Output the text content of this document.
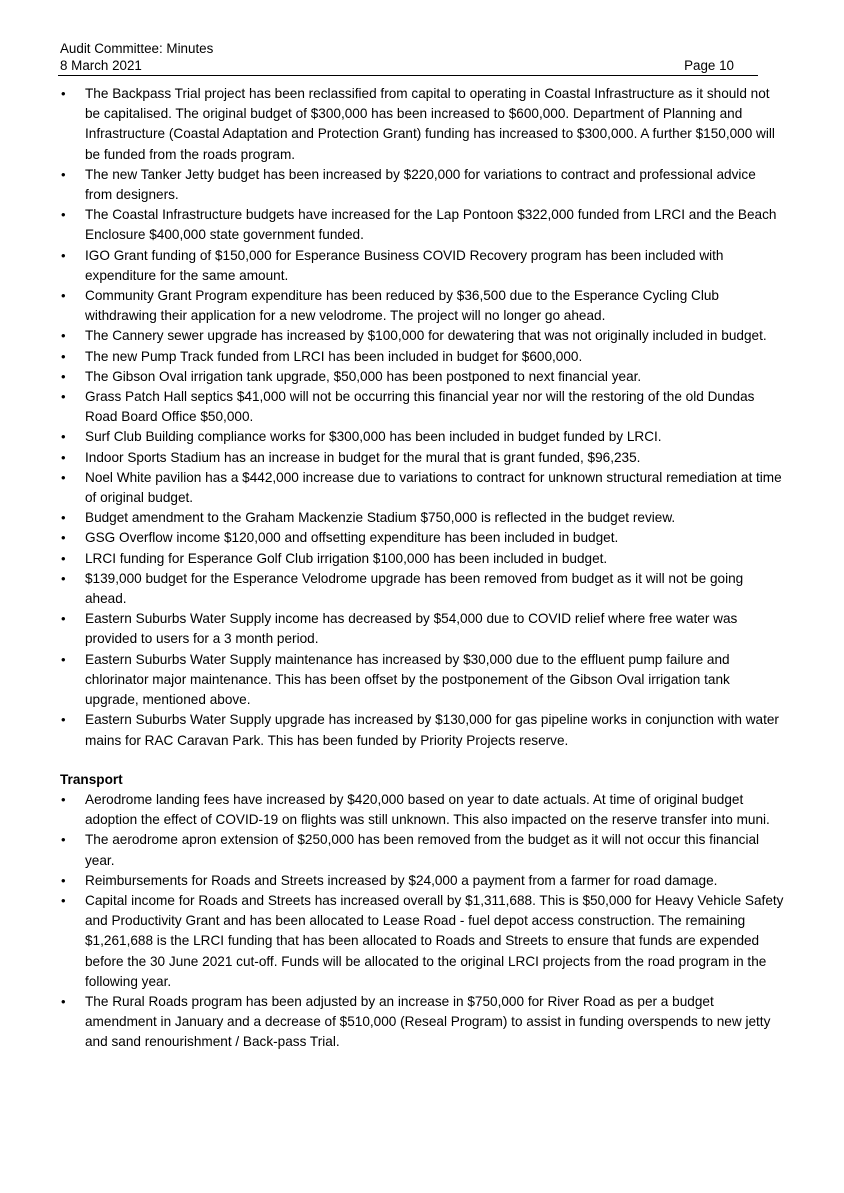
Audit Committee: Minutes
8 March 2021	Page 10
• The Backpass Trial project has been reclassified from capital to operating in Coastal Infrastructure as it should not be capitalised. The original budget of $300,000 has been increased to $600,000. Department of Planning and Infrastructure (Coastal Adaptation and Protection Grant) funding has increased to $300,000. A further $150,000 will be funded from the roads program.
• The new Tanker Jetty budget has been increased by $220,000 for variations to contract and professional advice from designers.
• The Coastal Infrastructure budgets have increased for the Lap Pontoon $322,000 funded from LRCI and the Beach Enclosure $400,000 state government funded.
• IGO Grant funding of $150,000 for Esperance Business COVID Recovery program has been included with expenditure for the same amount.
• Community Grant Program expenditure has been reduced by $36,500 due to the Esperance Cycling Club withdrawing their application for a new velodrome. The project will no longer go ahead.
• The Cannery sewer upgrade has increased by $100,000 for dewatering that was not originally included in budget.
• The new Pump Track funded from LRCI has been included in budget for $600,000.
• The Gibson Oval irrigation tank upgrade, $50,000 has been postponed to next financial year.
• Grass Patch Hall septics $41,000 will not be occurring this financial year nor will the restoring of the old Dundas Road Board Office $50,000.
• Surf Club Building compliance works for $300,000 has been included in budget funded by LRCI.
• Indoor Sports Stadium has an increase in budget for the mural that is grant funded, $96,235.
• Noel White pavilion has a $442,000 increase due to variations to contract for unknown structural remediation at time of original budget.
• Budget amendment to the Graham Mackenzie Stadium $750,000 is reflected in the budget review.
• GSG Overflow income $120,000 and offsetting expenditure has been included in budget.
• LRCI funding for Esperance Golf Club irrigation $100,000 has been included in budget.
• $139,000 budget for the Esperance Velodrome upgrade has been removed from budget as it will not be going ahead.
• Eastern Suburbs Water Supply income has decreased by $54,000 due to COVID relief where free water was provided to users for a 3 month period.
• Eastern Suburbs Water Supply maintenance has increased by $30,000 due to the effluent pump failure and chlorinator major maintenance. This has been offset by the postponement of the Gibson Oval irrigation tank upgrade, mentioned above.
• Eastern Suburbs Water Supply upgrade has increased by $130,000 for gas pipeline works in conjunction with water mains for RAC Caravan Park. This has been funded by Priority Projects reserve.
Transport
• Aerodrome landing fees have increased by $420,000 based on year to date actuals. At time of original budget adoption the effect of COVID-19 on flights was still unknown. This also impacted on the reserve transfer into muni.
• The aerodrome apron extension of $250,000 has been removed from the budget as it will not occur this financial year.
• Reimbursements for Roads and Streets increased by $24,000 a payment from a farmer for road damage.
• Capital income for Roads and Streets has increased overall by $1,311,688. This is $50,000 for Heavy Vehicle Safety and Productivity Grant and has been allocated to Lease Road - fuel depot access construction. The remaining $1,261,688 is the LRCI funding that has been allocated to Roads and Streets to ensure that funds are expended before the 30 June 2021 cut-off. Funds will be allocated to the original LRCI projects from the road program in the following year.
• The Rural Roads program has been adjusted by an increase in $750,000 for River Road as per a budget amendment in January and a decrease of $510,000 (Reseal Program) to assist in funding overspends to new jetty and sand renourishment / Back-pass Trial.
